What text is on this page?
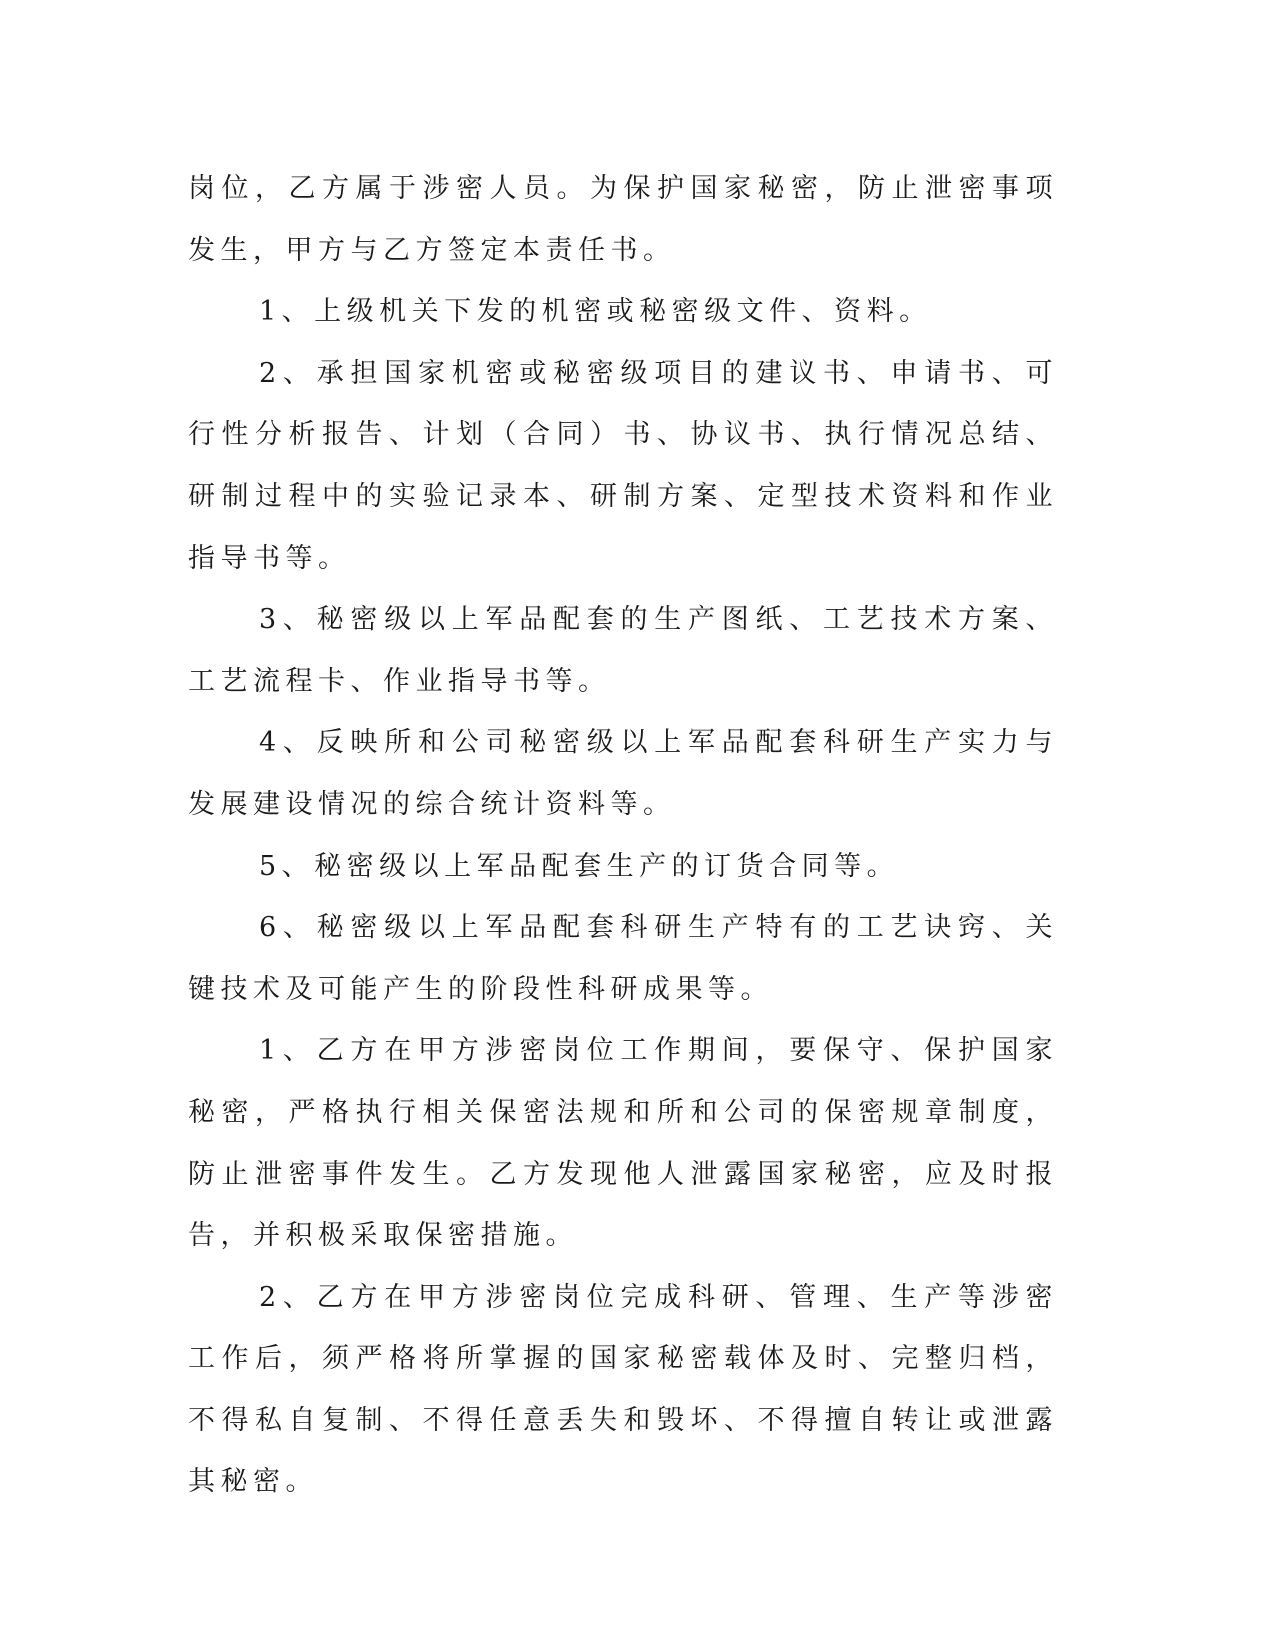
岗位，乙方属于涉密人员。为保护国家秘密，防止泄密事项发生，甲方与乙方签定本责任书。

1、上级机关下发的机密或秘密级文件、资料。

2、承担国家机密或秘密级项目的建议书、申请书、可行性分析报告、计划（合同）书、协议书、执行情况总结、研制过程中的实验记录本、研制方案、定型技术资料和作业指导书等。

3、秘密级以上军品配套的生产图纸、工艺技术方案、工艺流程卡、作业指导书等。

4、反映所和公司秘密级以上军品配套科研生产实力与发展建设情况的综合统计资料等。

5、秘密级以上军品配套生产的订货合同等。

6、秘密级以上军品配套科研生产特有的工艺诀窍、关键技术及可能产生的阶段性科研成果等。

1、乙方在甲方涉密岗位工作期间，要保守、保护国家秘密，严格执行相关保密法规和所和公司的保密规章制度，防止泄密事件发生。乙方发现他人泄露国家秘密，应及时报告，并积极采取保密措施。

2、乙方在甲方涉密岗位完成科研、管理、生产等涉密工作后，须严格将所掌握的国家秘密载体及时、完整归档，不得私自复制、不得任意丢失和毁坏、不得擅自转让或泄露其秘密。
